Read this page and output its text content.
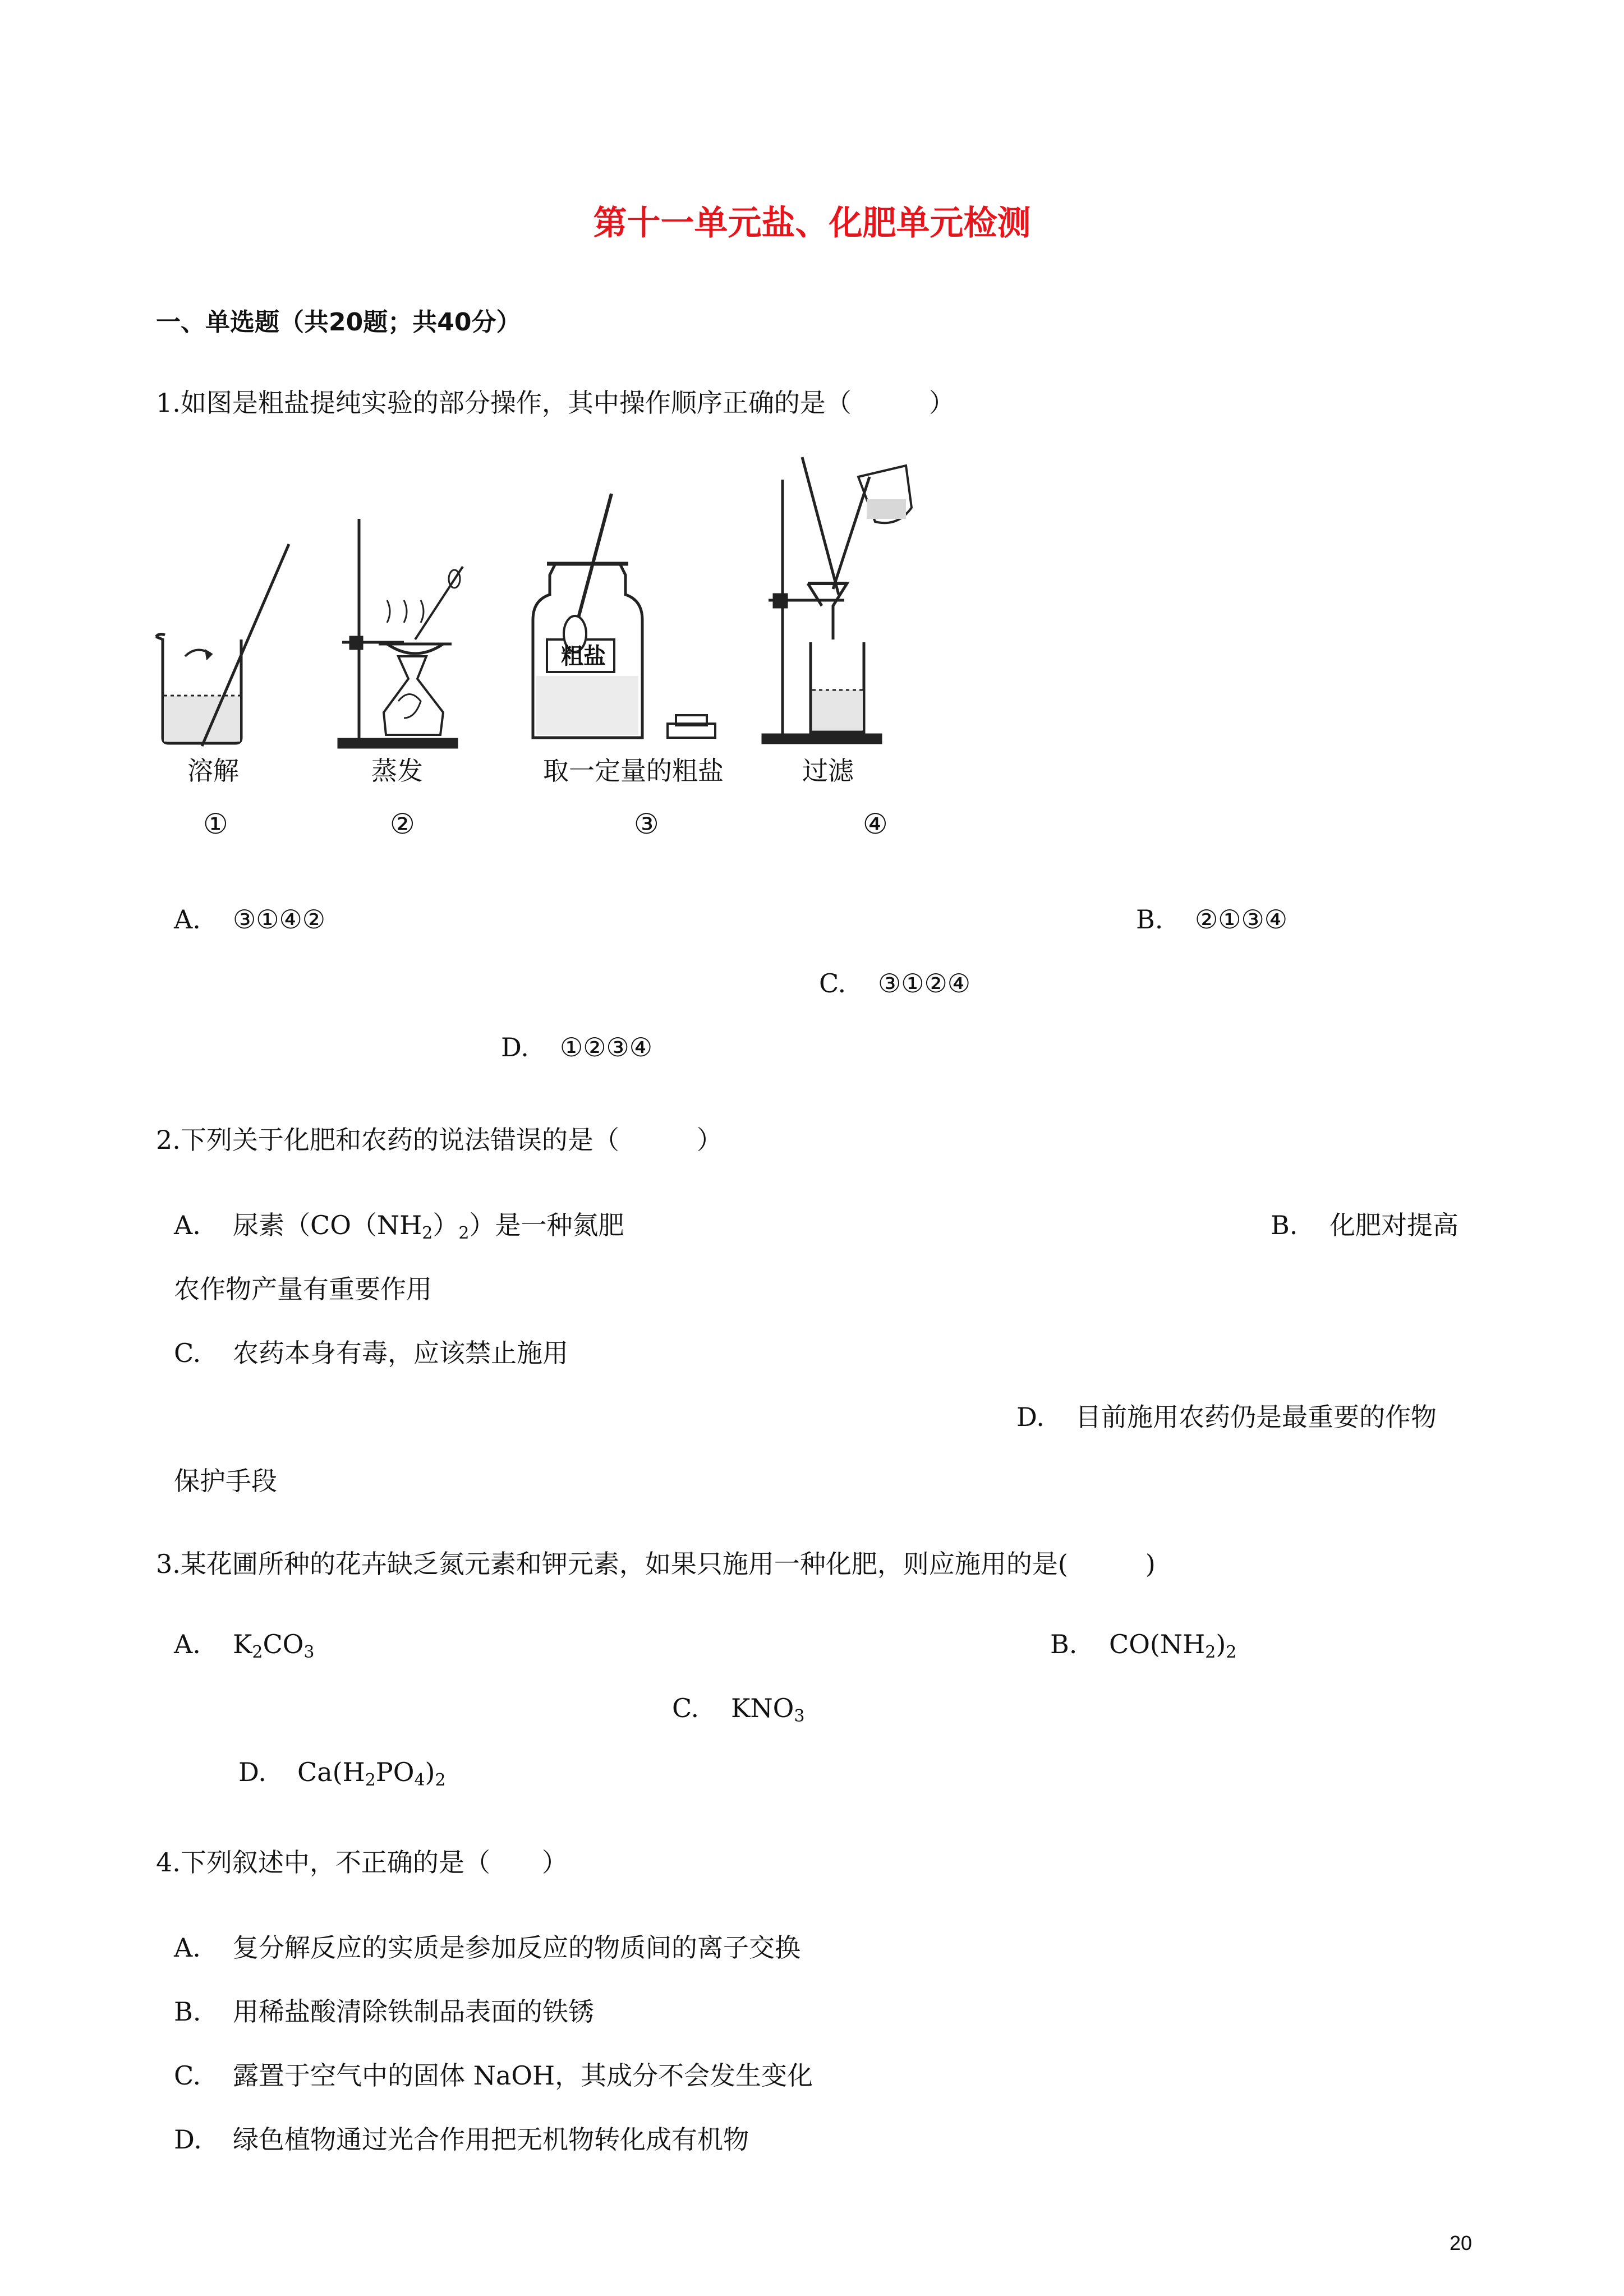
第十一单元盐、化肥单元检测
一、单选题（共20题；共40分）
1.如图是粗盐提纯实验的部分操作，其中操作顺序正确的是（　　　）
粗盐
溶解	蒸发	取一定量的粗盐	过滤
①	②	③	④
A. ③①④②	B. ②①③④
C. ③①②④
D. ①②③④
2.下列关于化肥和农药的说法错误的是（　　　）
A. 尿素$(CO(NH_2)_2)$是一种氮肥	B. 化肥对提高
农作物产量有重要作用
C. 农药本身有毒，应该禁止施用
D. 目前施用农药仍是最重要的作物
保护手段
3.某花圃所种的花卉缺乏氮元素和钾元素，如果只施用一种化肥，则应施用的是(　　　)
A. $K_2CO_3$	B. $CO(NH_2)_2$
C. $KNO_3$
D. $Ca(H_2PO_4)_2$
4.下列叙述中，不正确的是（　　）
A. 复分解反应的实质是参加反应的物质间的离子交换
B. 用稀盐酸清除铁制品表面的铁锈
C. 露置于空气中的固体 NaOH，其成分不会发生变化
D. 绿色植物通过光合作用把无机物转化成有机物
20
